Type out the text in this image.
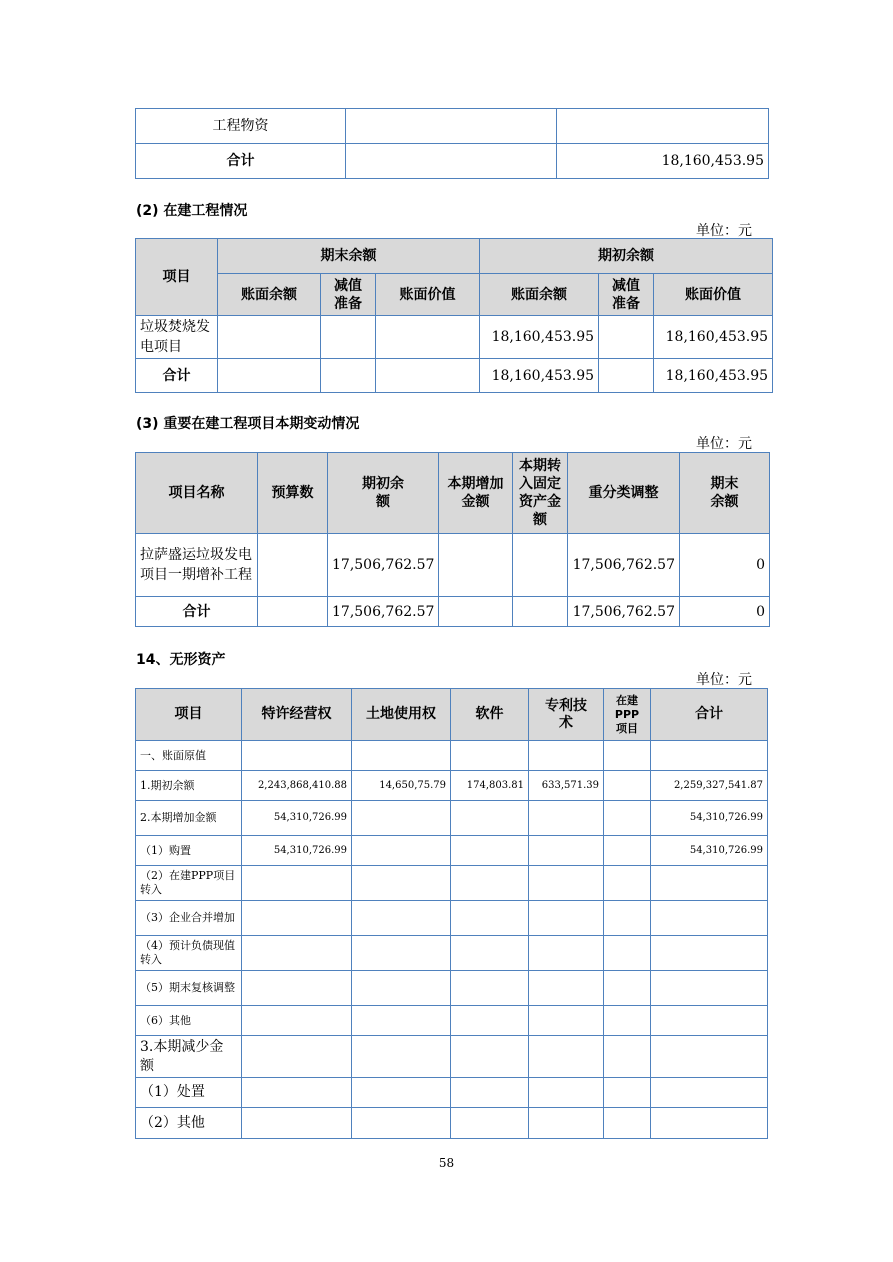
工程物资		
合计		18,160,453.95
(2) 在建工程情况
单位：元
项目	期末余额			期初余额		
	账面余额	减值准备	账面价值	账面余额	减值准备	账面价值
垃圾焚烧发电项目				18,160,453.95		18,160,453.95
合计				18,160,453.95		18,160,453.95
(3) 重要在建工程项目本期变动情况
单位：元
项目名称	预算数	期初余额	本期增加金额	本期转入固定资产金额	重分类调整	期末余额
拉萨盛运垃圾发电项目一期增补工程		17,506,762.57			17,506,762.57	0
合计		17,506,762.57			17,506,762.57	0
14、无形资产
单位：元
项目	特许经营权	土地使用权	软件	专利技术	在建PPP项目	合计
一、账面原值						
1.期初余额	2,243,868,410.88	14,650,75.79	174,803.81	633,571.39		2,259,327,541.87
2.本期增加金额	54,310,726.99					54,310,726.99
（1）购置	54,310,726.99					54,310,726.99
（2）在建PPP项目转入						
（3）企业合并增加						
（4）预计负债现值转入						
（5）期末复核调整						
（6）其他						
3.本期减少金额						
（1）处置						
（2）其他						
58
